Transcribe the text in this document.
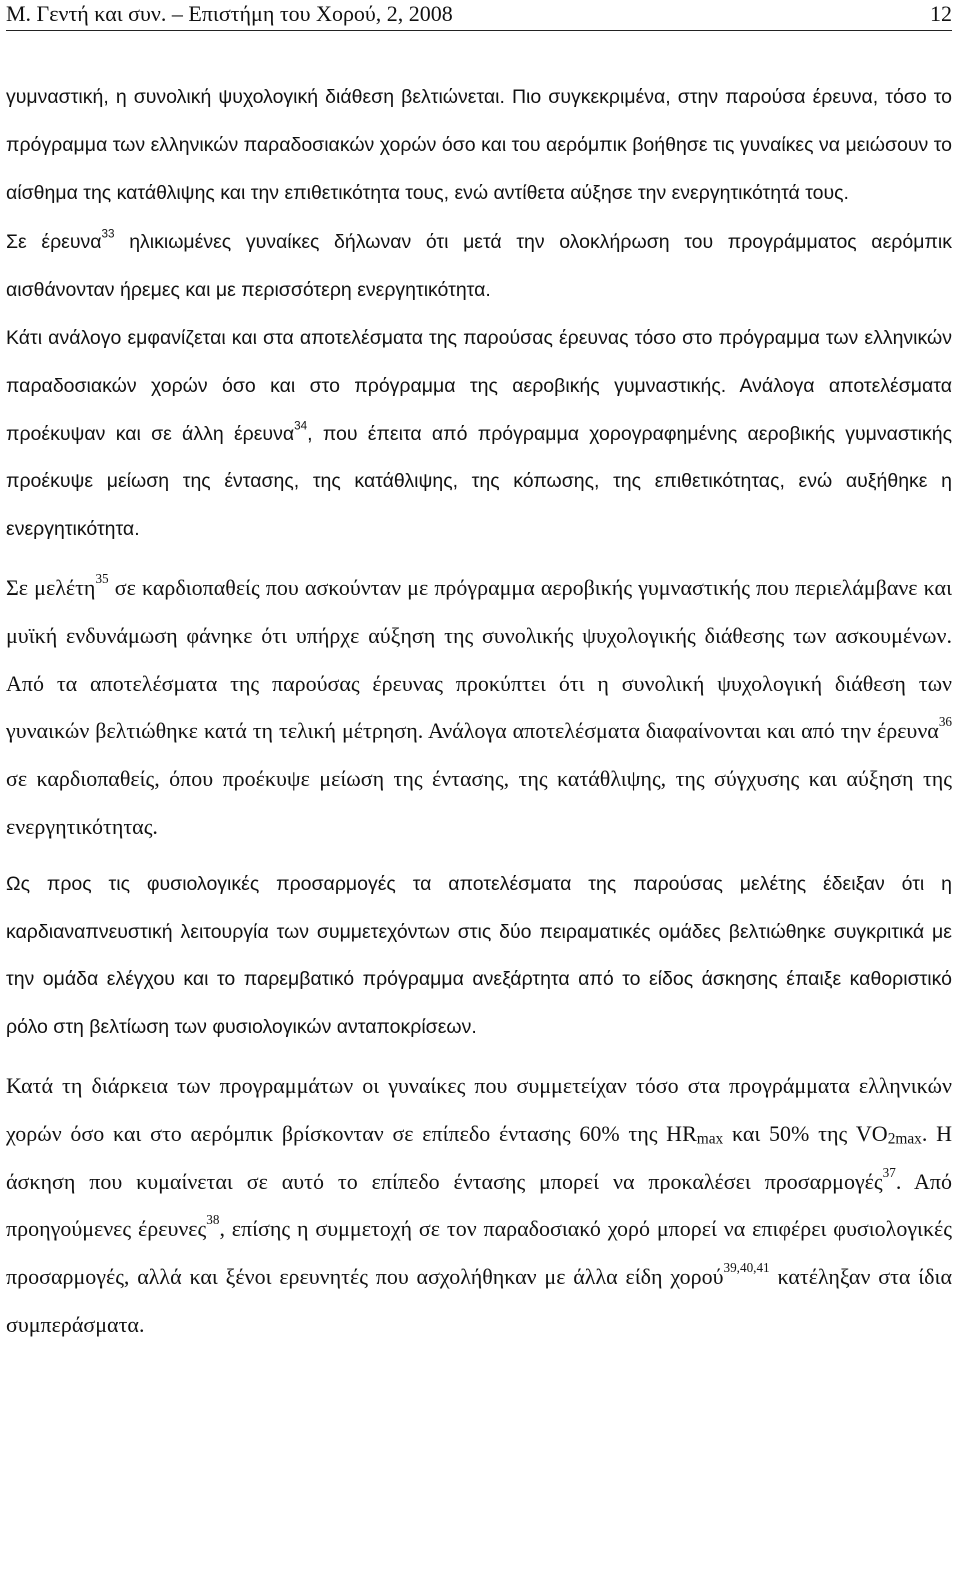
Μ. Γεντή και συν. – Επιστήμη του Χορού, 2, 2008	12

γυμναστική, η συνολική ψυχολογική διάθεση βελτιώνεται. Πιο συγκεκριμένα, στην παρούσα έρευνα, τόσο το πρόγραμμα των ελληνικών παραδοσιακών χορών όσο και του αερόμπικ βοήθησε τις γυναίκες να μειώσουν το αίσθημα της κατάθλιψης και την επιθετικότητα τους, ενώ αντίθετα αύξησε την ενεργητικότητά τους.

Σε έρευνα$^{33}$ ηλικιωμένες γυναίκες δήλωναν ότι μετά την ολοκλήρωση του προγράμματος αερόμπικ αισθάνονταν ήρεμες και με περισσότερη ενεργητικότητα.

Κάτι ανάλογο εμφανίζεται και στα αποτελέσματα της παρούσας έρευνας τόσο στο πρόγραμμα των ελληνικών παραδοσιακών χορών όσο και στο πρόγραμμα της αεροβικής γυμναστικής. Ανάλογα αποτελέσματα προέκυψαν και σε άλλη έρευνα$^{34}$, που έπειτα από πρόγραμμα χορογραφημένης αεροβικής γυμναστικής προέκυψε μείωση της έντασης, της κατάθλιψης, της κόπωσης, της επιθετικότητας, ενώ αυξήθηκε η ενεργητικότητα.

Σε μελέτη$^{35}$ σε καρδιοπαθείς που ασκούνταν με πρόγραμμα αεροβικής γυμναστικής που περιελάμβανε και μυϊκή ενδυνάμωση φάνηκε ότι υπήρχε αύξηση της συνολικής ψυχολογικής διάθεσης των ασκουμένων. Από τα αποτελέσματα της παρούσας έρευνας προκύπτει ότι η συνολική ψυχολογική διάθεση των γυναικών βελτιώθηκε κατά τη τελική μέτρηση. Ανάλογα αποτελέσματα διαφαίνονται και από την έρευνα$^{36}$ σε καρδιοπαθείς, όπου προέκυψε μείωση της έντασης, της κατάθλιψης, της σύγχυσης και αύξηση της ενεργητικότητας.

Ως προς τις φυσιολογικές προσαρμογές τα αποτελέσματα της παρούσας μελέτης έδειξαν ότι η καρδιαναπνευστική λειτουργία των συμμετεχόντων στις δύο πειραματικές ομάδες βελτιώθηκε συγκριτικά με την ομάδα ελέγχου και το παρεμβατικό πρόγραμμα ανεξάρτητα από το είδος άσκησης έπαιξε καθοριστικό ρόλο στη βελτίωση των φυσιολογικών ανταποκρίσεων.

Κατά τη διάρκεια των προγραμμάτων οι γυναίκες που συμμετείχαν τόσο στα προγράμματα ελληνικών χορών όσο και στο αερόμπικ βρίσκονταν σε επίπεδο έντασης 60% της $HR_{max}$ και 50% της $VO_{2max}$. Η άσκηση που κυμαίνεται σε αυτό το επίπεδο έντασης μπορεί να προκαλέσει προσαρμογές$^{37}$. Από προηγούμενες έρευνες$^{38}$, επίσης η συμμετοχή σε τον παραδοσιακό χορό μπορεί να επιφέρει φυσιολογικές προσαρμογές, αλλά και ξένοι ερευνητές που ασχολήθηκαν με άλλα είδη χορού$^{39,40,41}$ κατέληξαν στα ίδια συμπεράσματα.
